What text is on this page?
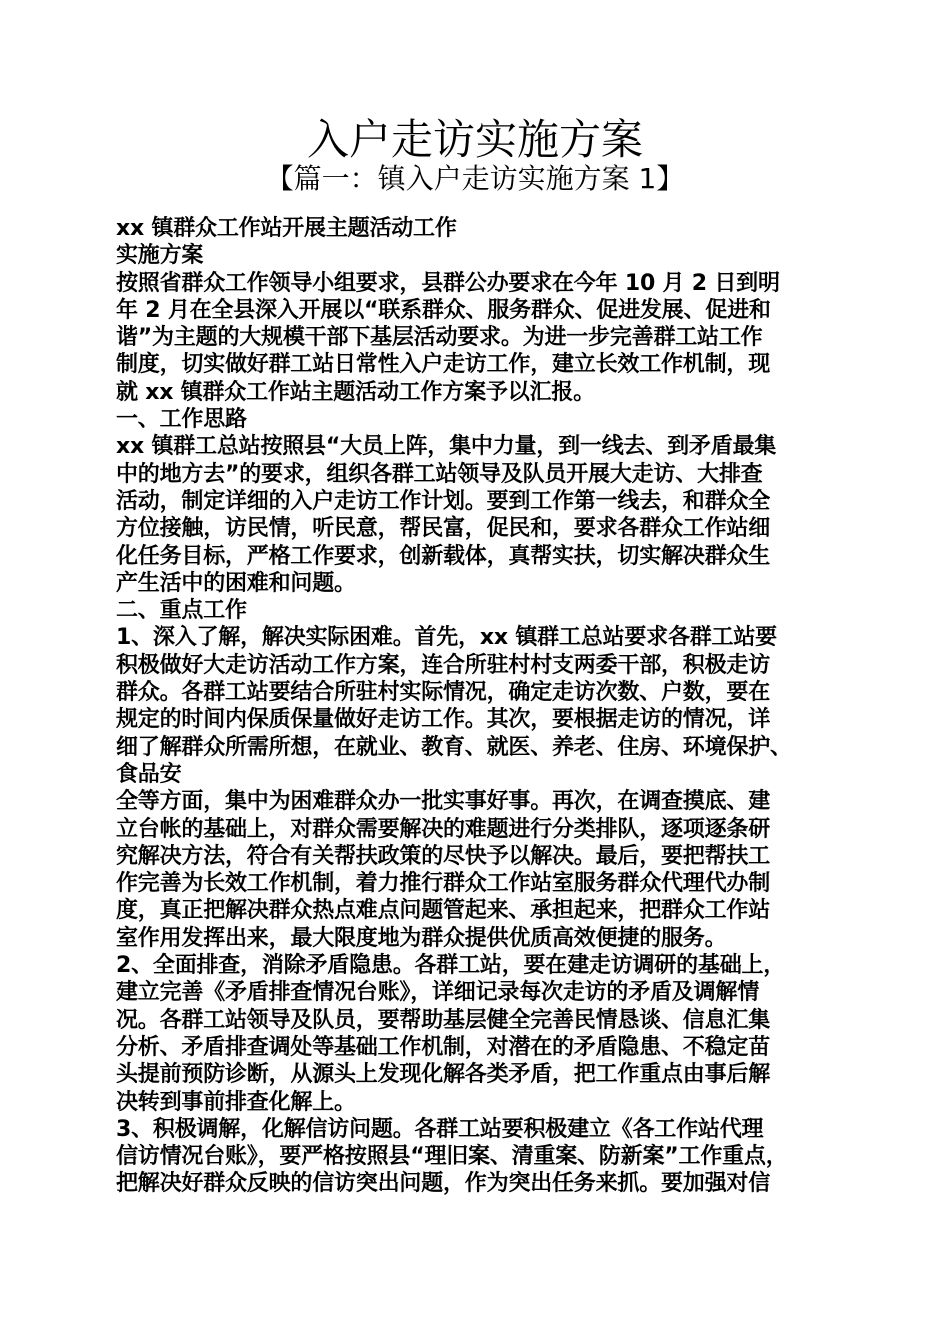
入户走访实施方案
【篇一：镇入户走访实施方案 1】
xx 镇群众工作站开展主题活动工作
实施方案
按照省群众工作领导小组要求，县群公办要求在今年 10 月 2 日到明
年 2 月在全县深入开展以“联系群众、服务群众、促进发展、促进和
谐”为主题的大规模干部下基层活动要求。为进一步完善群工站工作
制度，切实做好群工站日常性入户走访工作，建立长效工作机制，现
就 xx 镇群众工作站主题活动工作方案予以汇报。
一、工作思路
xx 镇群工总站按照县“大员上阵，集中力量，到一线去、到矛盾最集
中的地方去”的要求，组织各群工站领导及队员开展大走访、大排查
活动，制定详细的入户走访工作计划。要到工作第一线去，和群众全
方位接触，访民情，听民意，帮民富，促民和，要求各群众工作站细
化任务目标，严格工作要求，创新载体，真帮实扶，切实解决群众生
产生活中的困难和问题。
二、重点工作
1、深入了解，解决实际困难。首先，xx 镇群工总站要求各群工站要
积极做好大走访活动工作方案，连合所驻村村支两委干部，积极走访
群众。各群工站要结合所驻村实际情况，确定走访次数、户数，要在
规定的时间内保质保量做好走访工作。其次，要根据走访的情况，详
细了解群众所需所想，在就业、教育、就医、养老、住房、环境保护、
食品安
全等方面，集中为困难群众办一批实事好事。再次，在调查摸底、建
立台帐的基础上，对群众需要解决的难题进行分类排队，逐项逐条研
究解决方法，符合有关帮扶政策的尽快予以解决。最后，要把帮扶工
作完善为长效工作机制，着力推行群众工作站室服务群众代理代办制
度，真正把解决群众热点难点问题管起来、承担起来，把群众工作站
室作用发挥出来，最大限度地为群众提供优质高效便捷的服务。
2、全面排查，消除矛盾隐患。各群工站，要在建走访调研的基础上，
建立完善《矛盾排查情况台账》，详细记录每次走访的矛盾及调解情
况。各群工站领导及队员，要帮助基层健全完善民情恳谈、信息汇集
分析、矛盾排查调处等基础工作机制，对潜在的矛盾隐患、不稳定苗
头提前预防诊断，从源头上发现化解各类矛盾，把工作重点由事后解
决转到事前排查化解上。
3、积极调解，化解信访问题。各群工站要积极建立《各工作站代理
信访情况台账》，要严格按照县“理旧案、清重案、防新案”工作重点，
把解决好群众反映的信访突出问题，作为突出任务来抓。要加强对信
